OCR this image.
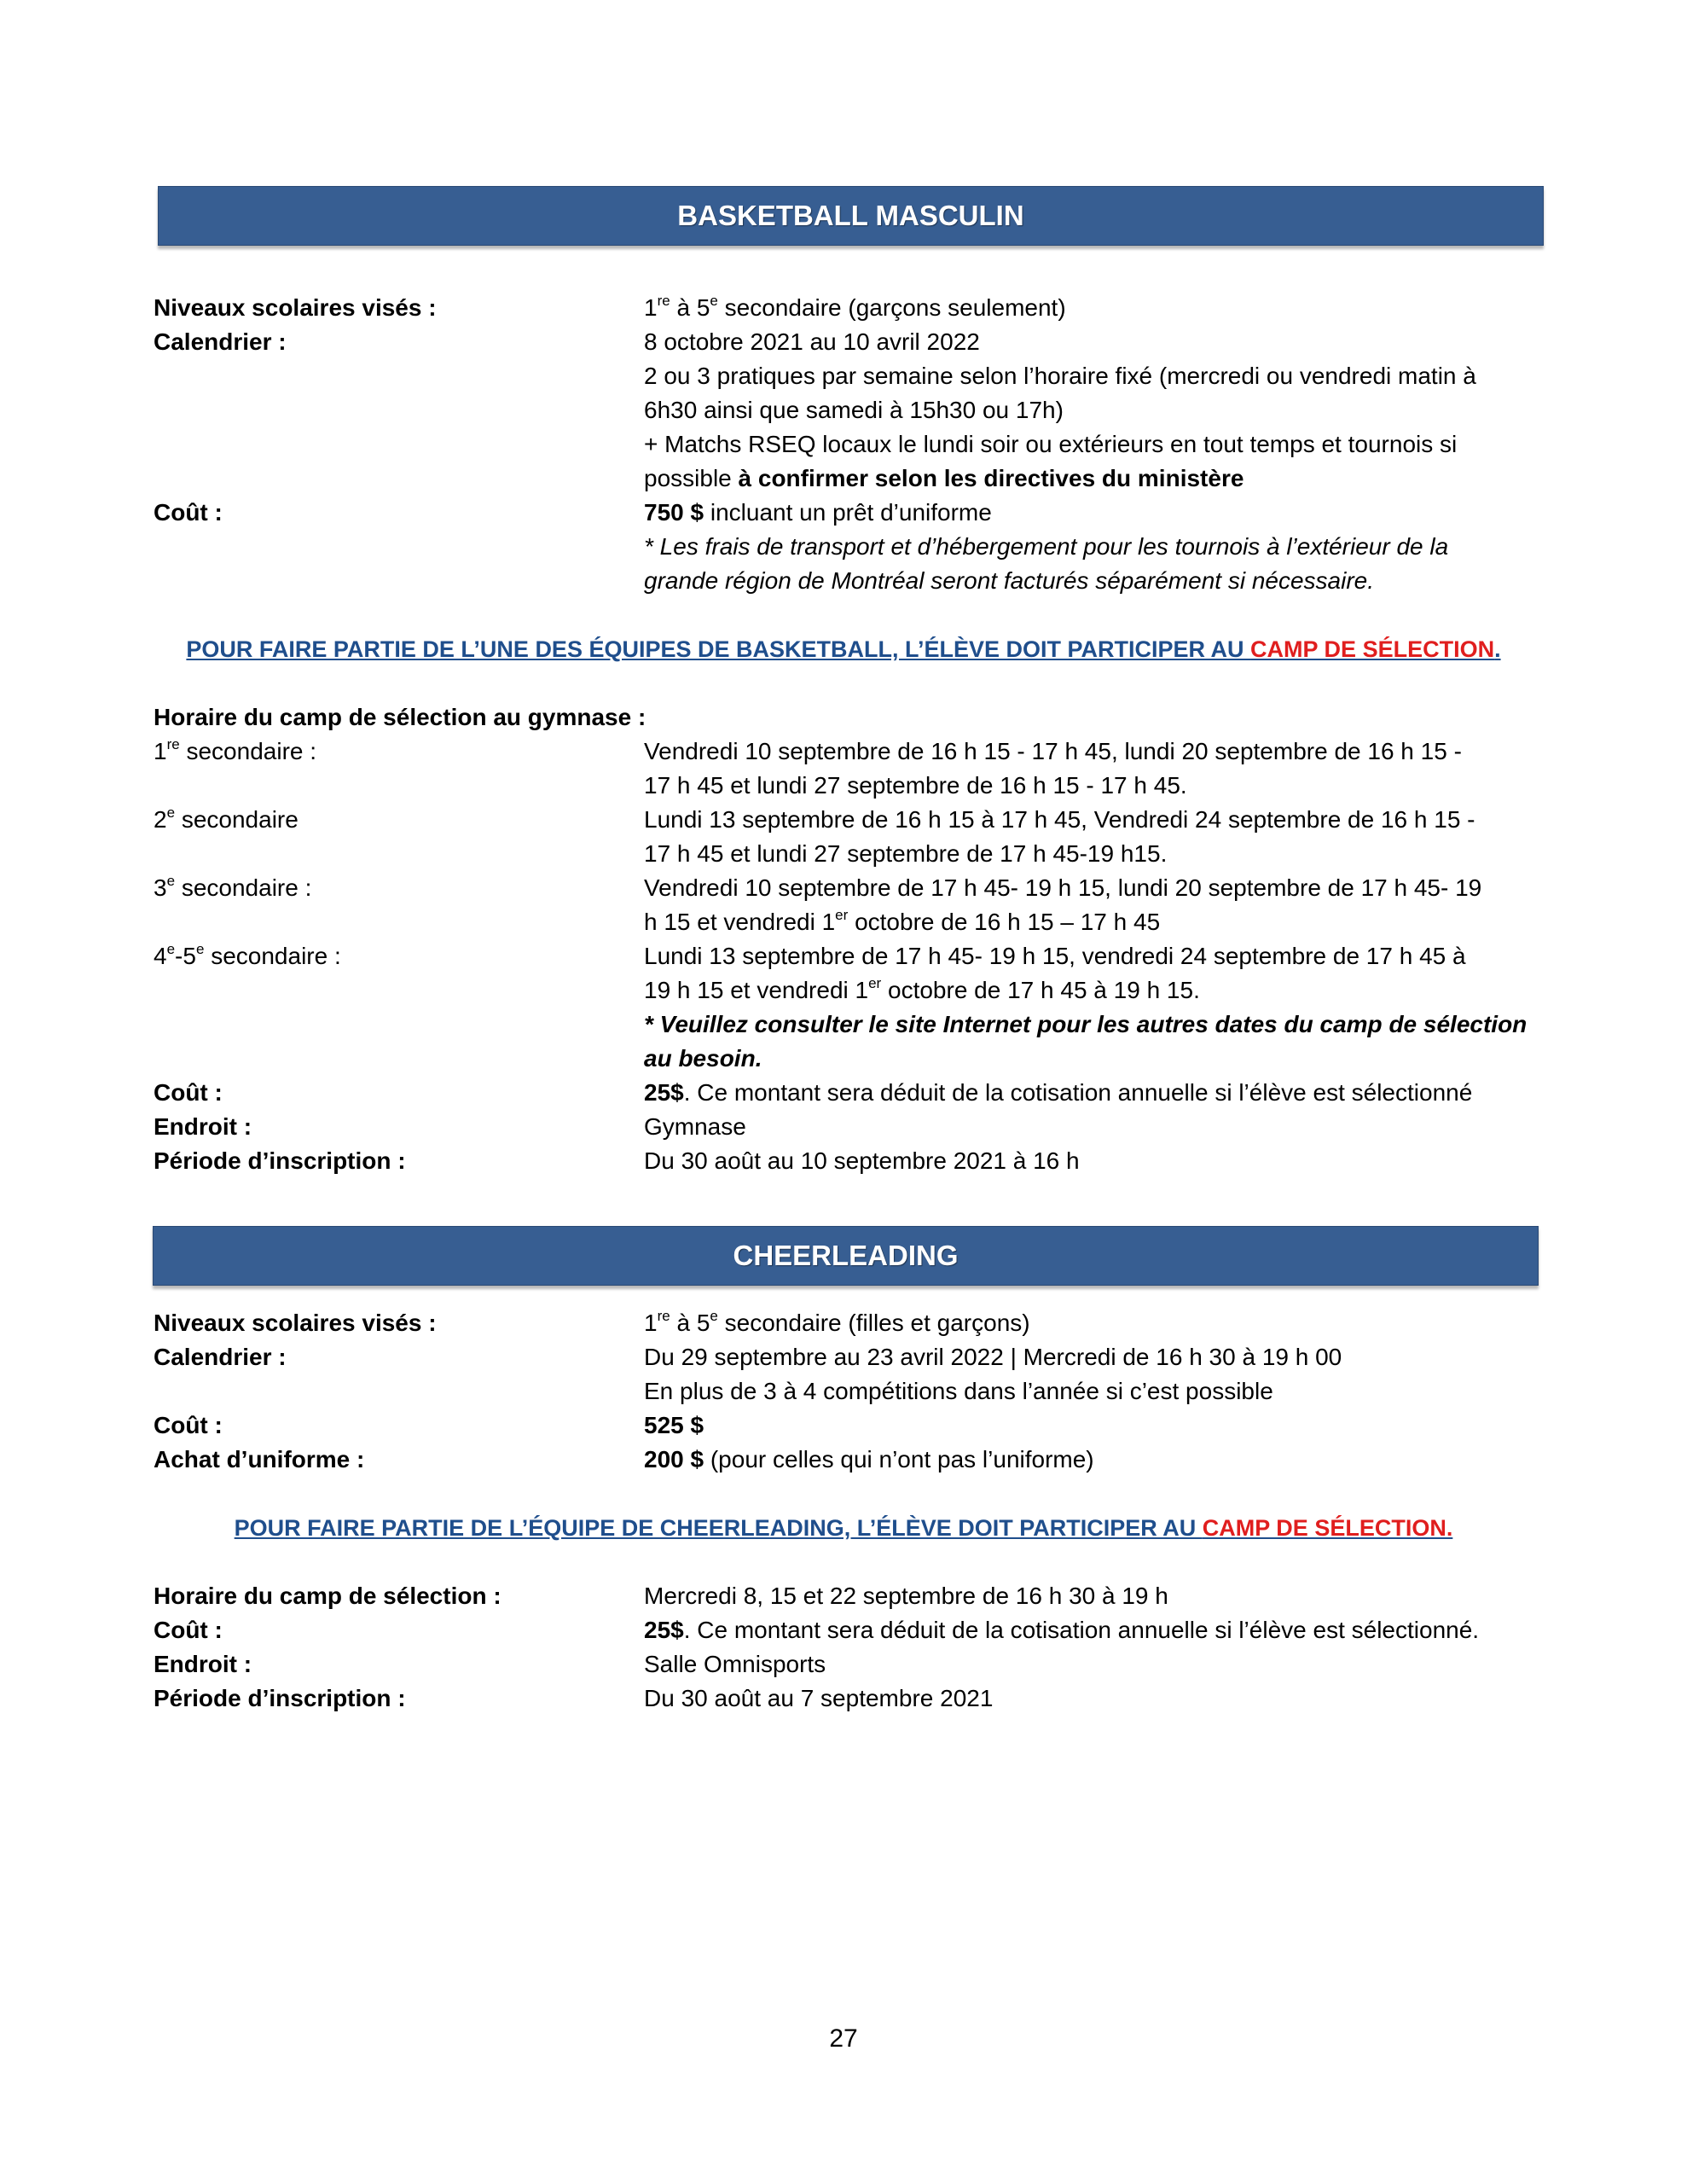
BASKETBALL MASCULIN
Niveaux scolaires visés :	1re à 5e secondaire (garçons seulement)
Calendrier :	8 octobre 2021 au 10 avril 2022
2 ou 3 pratiques par semaine selon l’horaire fixé (mercredi ou vendredi matin à
6h30 ainsi que samedi à 15h30 ou 17h)
+ Matchs RSEQ locaux le lundi soir ou extérieurs en tout temps et tournois si
possible à confirmer selon les directives du ministère
Coût :	750 $ incluant un prêt d’uniforme
* Les frais de transport et d’hébergement pour les tournois à l’extérieur de la
grande région de Montréal seront facturés séparément si nécessaire.
POUR FAIRE PARTIE DE L’UNE DES ÉQUIPES DE BASKETBALL, L’ÉLÈVE DOIT PARTICIPER AU CAMP DE SÉLECTION.
Horaire du camp de sélection au gymnase :
1re secondaire :	Vendredi 10 septembre de 16 h 15 - 17 h 45, lundi 20 septembre de 16 h 15 -
17 h 45 et lundi 27 septembre de 16 h 15 - 17 h 45.
2e secondaire	Lundi 13 septembre de 16 h 15 à 17 h 45, Vendredi 24 septembre de 16 h 15 -
17 h 45 et lundi 27 septembre de 17 h 45-19 h15.
3e secondaire :	Vendredi 10 septembre de 17 h 45- 19 h 15, lundi 20 septembre de 17 h 45- 19
h 15 et vendredi 1er octobre de 16 h 15 – 17 h 45
4e-5e secondaire :	Lundi 13 septembre de 17 h 45- 19 h 15, vendredi 24 septembre de 17 h 45 à
19 h 15 et vendredi 1er octobre de 17 h 45 à 19 h 15.
* Veuillez consulter le site Internet pour les autres dates du camp de sélection
au besoin.
Coût :	25$. Ce montant sera déduit de la cotisation annuelle si l’élève est sélectionné
Endroit :	Gymnase
Période d’inscription :	Du 30 août au 10 septembre 2021 à 16 h
CHEERLEADING
Niveaux scolaires visés :	1re à 5e secondaire (filles et garçons)
Calendrier :	Du 29 septembre au 23 avril 2022 | Mercredi de 16 h 30 à 19 h 00
En plus de 3 à 4 compétitions dans l’année si c’est possible
Coût :	525 $
Achat d’uniforme :	200 $ (pour celles qui n’ont pas l’uniforme)
POUR FAIRE PARTIE DE L’ÉQUIPE DE CHEERLEADING, L’ÉLÈVE DOIT PARTICIPER AU CAMP DE SÉLECTION.
Horaire du camp de sélection :	Mercredi 8, 15 et 22 septembre de 16 h 30 à 19 h
Coût :	25$. Ce montant sera déduit de la cotisation annuelle si l’élève est sélectionné.
Endroit :	Salle Omnisports
Période d’inscription :	Du 30 août au 7 septembre 2021
27
